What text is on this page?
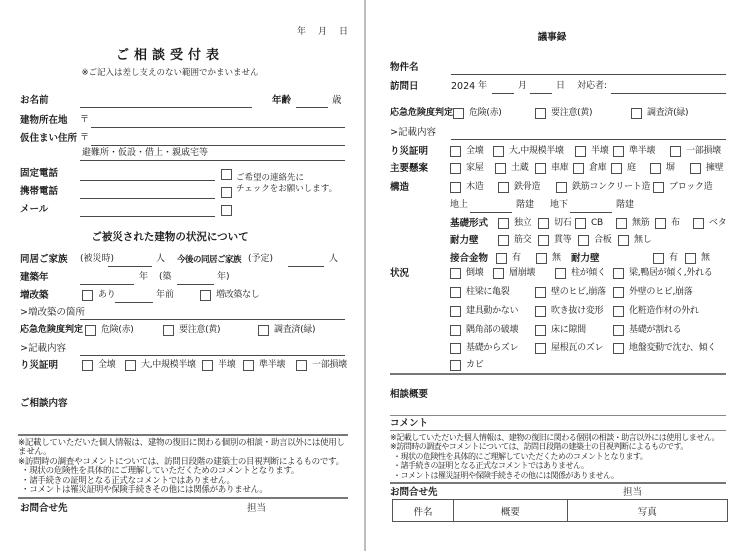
年 月 日
ご相談受付表
※ご記入は差し支えのない範囲でかまいません
お名前	年齢	歳
建物所在地 〒
仮住まい住所 〒
避難所・仮設・借上・親戚宅等
固定電話	ご希望の連絡先に
チェックをお願いします。
携帯電話
メール
ご被災された建物の状況について
同居ご家族 (被災時)	人 今後の同居ご家族 (予定)	人
建築年	年 (築	年)
増改築	あり	年前	増改築なし
>増改築の箇所
応急危険度判定 危険(赤)	要注意(黄)	調査済(緑)
>記載内容
り災証明	全壊	大,中規模半壊 半壊	準半壊	一部損壊
ご相談内容
※記載していただいた個人情報は、建物の復旧に関わる個別の相談・助言以外には使用しません。
※訪問時の調査やコメントについては、訪問日段階の建築士の目視判断によるものです。
・現状の危険性を具体的にご理解していただくためのコメントとなります。
・諸手続きの証明となる正式なコメントではありません。
・コメントは罹災証明や保険手続きその他には関係がありません。
お問合せ先	担当
議事録
物件名
訪問日	2024 年	月	日 対応者:
応急危険度判定 危険(赤)	要注意(黄)	調査済(緑)
>記載内容
り災証明	全壊	大,中規模半壊	半壊 準半壊	一部損壊
主要懸案	家屋	土蔵	車庫 倉庫 庭	塀	擁壁
構造	木造	鉄骨造	鉄筋コンクリート造 ブロック造
地上	階建 地下	階建
基礎形式	独立	切石 CB	無筋 布	ベタ
耐力壁	筋交	貫等	合板	無し
接合金物	有	無 耐力壁	有	無
状況	倒壊	層崩壊	柱が傾く	梁,鴨居が傾く,外れる
柱梁に亀裂	壁のヒビ,崩落	外壁のヒビ,崩落
建具動かない	吹き抜け変形	化粧造作材の外れ
隅角部の破壊	床に隙間	基礎が割れる
基礎からズレ	屋根瓦のズレ	地盤変動で沈む、傾く
カビ
相談概要
コメント
※記載していただいた個人情報は、建物の復旧に関わる個別の相談・助言以外には使用しません。
※訪問時の調査やコメントについては、訪問日段階の建築士の目視判断によるものです。
・現状の危険性を具体的にご理解していただくためのコメントとなります。
・諸手続きの証明となる正式なコメントではありません。
・コメントは罹災証明や保険手続きその他には関係がありません。
お問合せ先	担当
件名	概要	写真
